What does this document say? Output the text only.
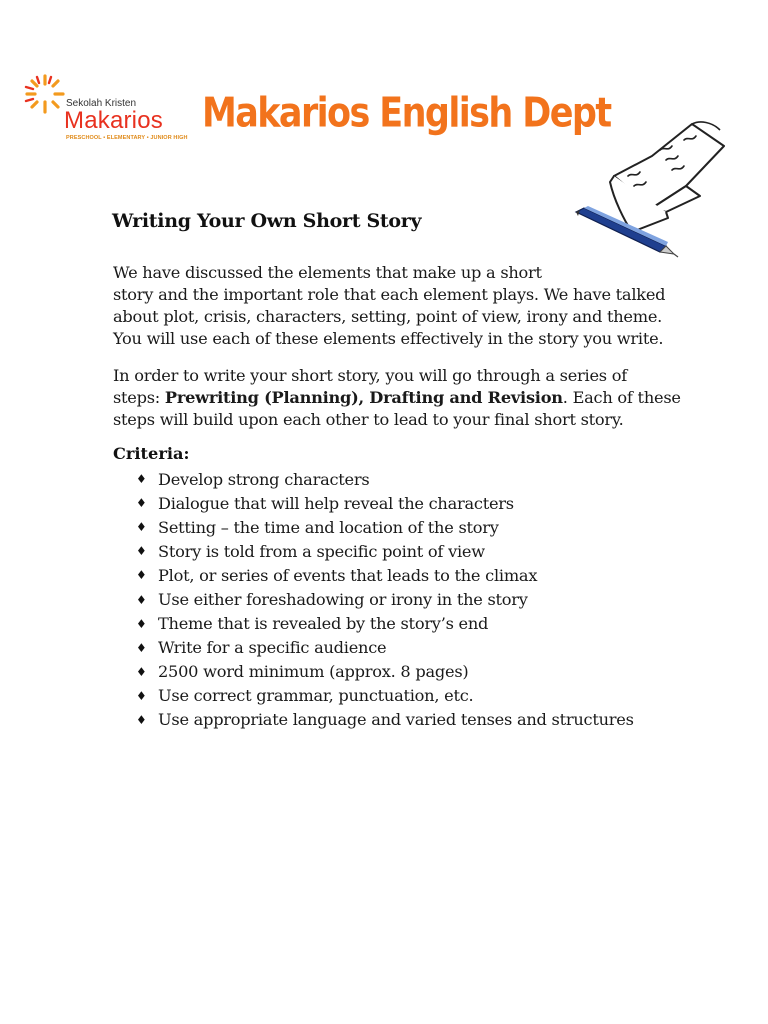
Sekolah Kristen
Makarios
PRESCHOOL • ELEMENTARY • JUNIOR HIGH
Makarios English Dept
Writing Your Own Short Story
We have discussed the elements that make up a short
story and the important role that each element plays. We have talked
about plot, crisis, characters, setting, point of view, irony and theme.
You will use each of these elements effectively in the story you write.
In order to write your short story, you will go through a series of
steps: Prewriting (Planning), Drafting and Revision. Each of these
steps will build upon each other to lead to your final short story.
Criteria:
♦ Develop strong characters
♦ Dialogue that will help reveal the characters
♦ Setting – the time and location of the story
♦ Story is told from a specific point of view
♦ Plot, or series of events that leads to the climax
♦ Use either foreshadowing or irony in the story
♦ Theme that is revealed by the story’s end
♦ Write for a specific audience
♦ 2500 word minimum (approx. 8 pages)
♦ Use correct grammar, punctuation, etc.
♦ Use appropriate language and varied tenses and structures
